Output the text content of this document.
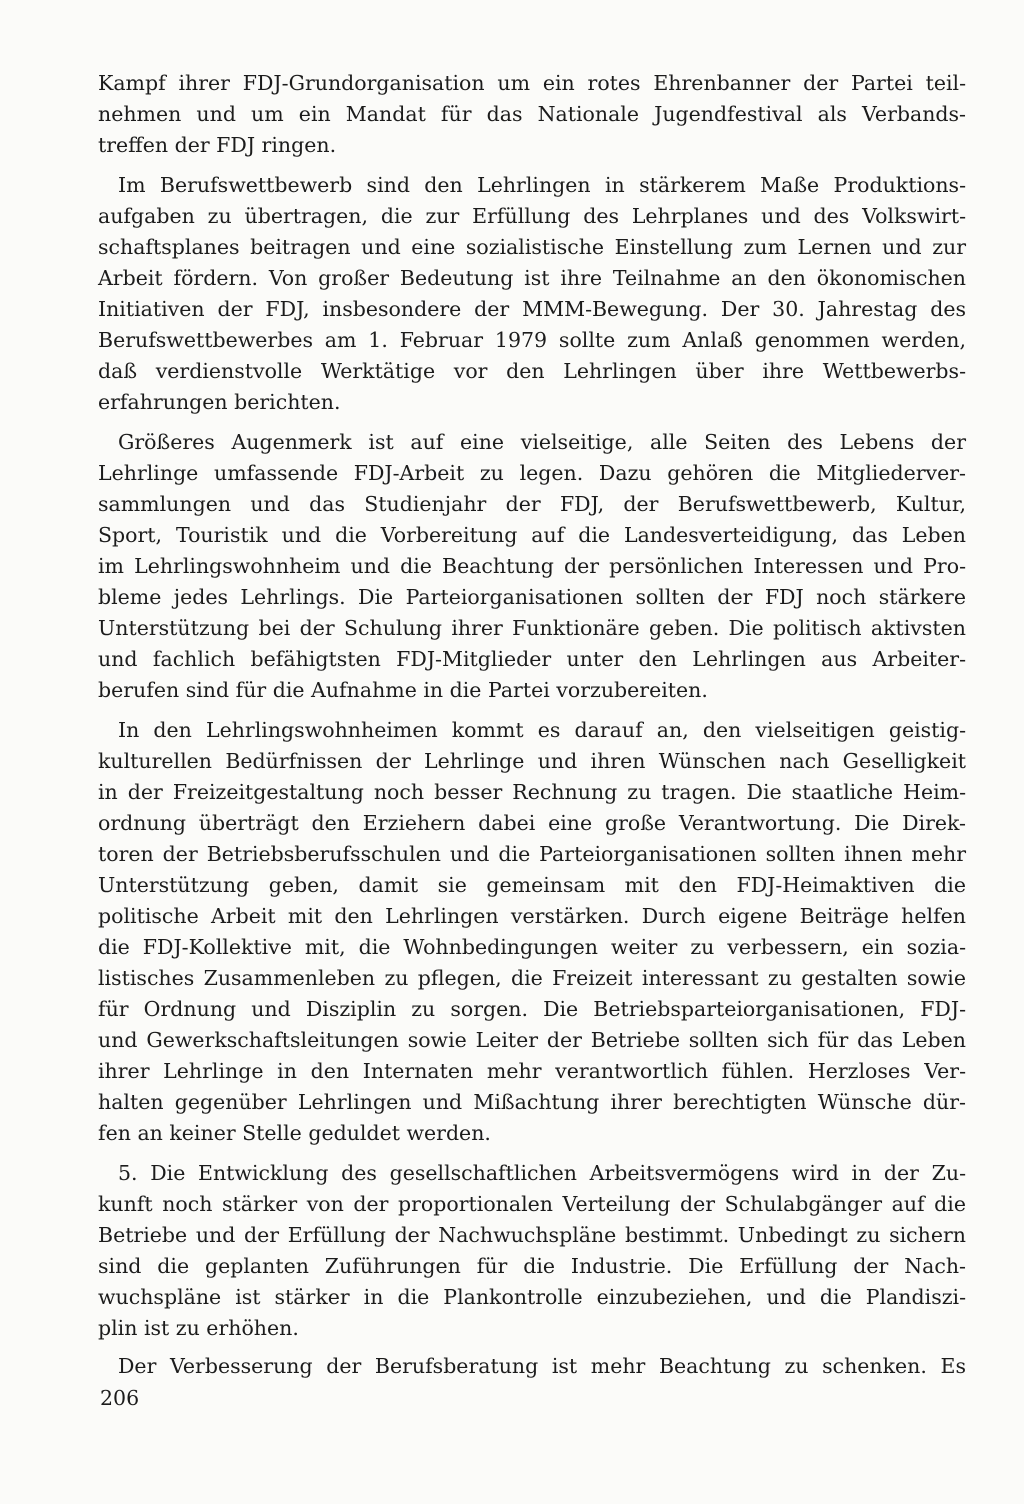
Kampf ihrer FDJ-Grundorganisation um ein rotes Ehrenbanner der Partei teil-
nehmen und um ein Mandat für das Nationale Jugendfestival als Verbands-
treffen der FDJ ringen.
Im Berufswettbewerb sind den Lehrlingen in stärkerem Maße Produktions-
aufgaben zu übertragen, die zur Erfüllung des Lehrplanes und des Volkswirt-
schaftsplanes beitragen und eine sozialistische Einstellung zum Lernen und zur
Arbeit fördern. Von großer Bedeutung ist ihre Teilnahme an den ökonomischen
Initiativen der FDJ, insbesondere der MMM-Bewegung. Der 30. Jahrestag des
Berufswettbewerbes am 1. Februar 1979 sollte zum Anlaß genommen werden,
daß verdienstvolle Werktätige vor den Lehrlingen über ihre Wettbewerbs-
erfahrungen berichten.
Größeres Augenmerk ist auf eine vielseitige, alle Seiten des Lebens der
Lehrlinge umfassende FDJ-Arbeit zu legen. Dazu gehören die Mitgliederver-
sammlungen und das Studienjahr der FDJ, der Berufswettbewerb, Kultur,
Sport, Touristik und die Vorbereitung auf die Landesverteidigung, das Leben
im Lehrlingswohnheim und die Beachtung der persönlichen Interessen und Pro-
bleme jedes Lehrlings. Die Parteiorganisationen sollten der FDJ noch stärkere
Unterstützung bei der Schulung ihrer Funktionäre geben. Die politisch aktivsten
und fachlich befähigtsten FDJ-Mitglieder unter den Lehrlingen aus Arbeiter-
berufen sind für die Aufnahme in die Partei vorzubereiten.
In den Lehrlingswohnheimen kommt es darauf an, den vielseitigen geistig-
kulturellen Bedürfnissen der Lehrlinge und ihren Wünschen nach Geselligkeit
in der Freizeitgestaltung noch besser Rechnung zu tragen. Die staatliche Heim-
ordnung überträgt den Erziehern dabei eine große Verantwortung. Die Direk-
toren der Betriebsberufsschulen und die Parteiorganisationen sollten ihnen mehr
Unterstützung geben, damit sie gemeinsam mit den FDJ-Heimaktiven die
politische Arbeit mit den Lehrlingen verstärken. Durch eigene Beiträge helfen
die FDJ-Kollektive mit, die Wohnbedingungen weiter zu verbessern, ein sozia-
listisches Zusammenleben zu pflegen, die Freizeit interessant zu gestalten sowie
für Ordnung und Disziplin zu sorgen. Die Betriebsparteiorganisationen, FDJ-
und Gewerkschaftsleitungen sowie Leiter der Betriebe sollten sich für das Leben
ihrer Lehrlinge in den Internaten mehr verantwortlich fühlen. Herzloses Ver-
halten gegenüber Lehrlingen und Mißachtung ihrer berechtigten Wünsche dür-
fen an keiner Stelle geduldet werden.
5. Die Entwicklung des gesellschaftlichen Arbeitsvermögens wird in der Zu-
kunft noch stärker von der proportionalen Verteilung der Schulabgänger auf die
Betriebe und der Erfüllung der Nachwuchspläne bestimmt. Unbedingt zu sichern
sind die geplanten Zuführungen für die Industrie. Die Erfüllung der Nach-
wuchspläne ist stärker in die Plankontrolle einzubeziehen, und die Plandiszi-
plin ist zu erhöhen.
Der Verbesserung der Berufsberatung ist mehr Beachtung zu schenken. Es
206
